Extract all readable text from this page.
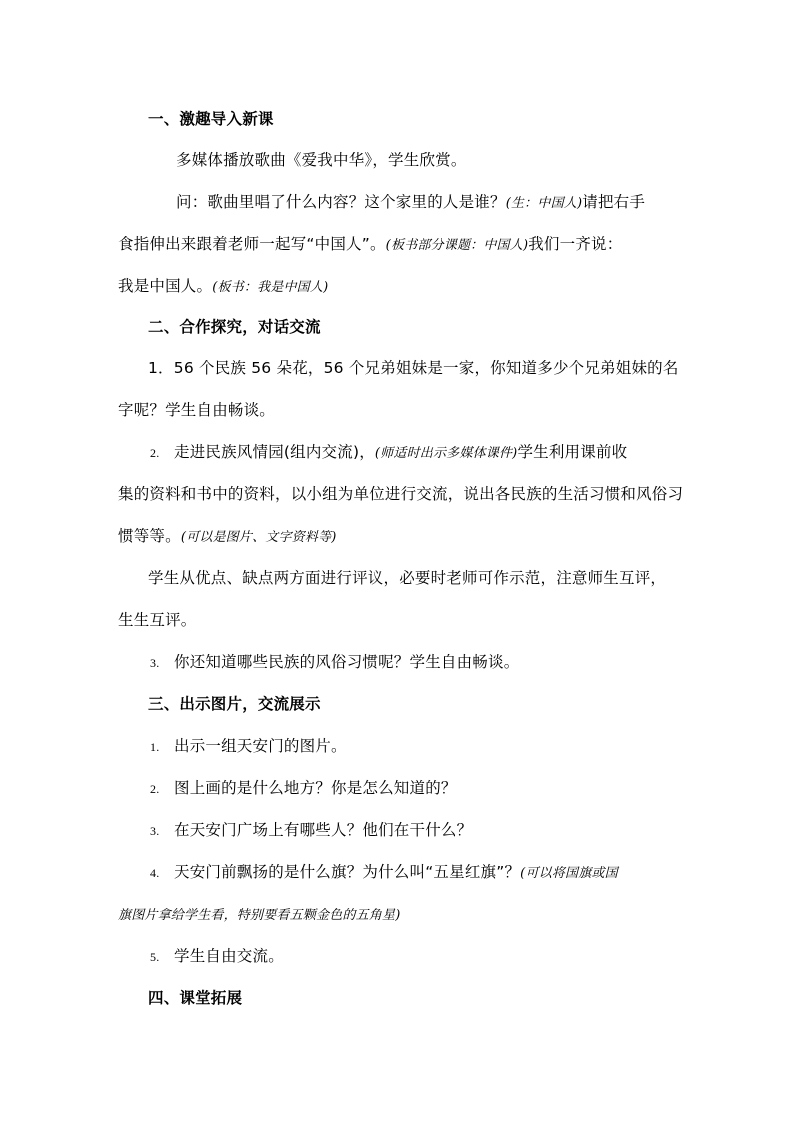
一、激趣导入新课
多媒体播放歌曲《爱我中华》，学生欣赏。
问：歌曲里唱了什么内容？这个家里的人是谁？(生：中国人)请把右手
食指伸出来跟着老师一起写“中国人”。(板书部分课题：中国人)我们一齐说：
我是中国人。(板书：我是中国人)
二、合作探究，对话交流
1．56 个民族 56 朵花，56 个兄弟姐妹是一家，你知道多少个兄弟姐妹的名
字呢？学生自由畅谈。
2. 走进民族风情园(组内交流)，(师适时出示多媒体课件)学生利用课前收
集的资料和书中的资料，以小组为单位进行交流，说出各民族的生活习惯和风俗习
惯等等。(可以是图片、文字资料等)
学生从优点、缺点两方面进行评议，必要时老师可作示范，注意师生互评，
生生互评。
3. 你还知道哪些民族的风俗习惯呢？学生自由畅谈。
三、出示图片，交流展示
1. 出示一组天安门的图片。
2. 图上画的是什么地方？你是怎么知道的？
3. 在天安门广场上有哪些人？他们在干什么？
4. 天安门前飘扬的是什么旗？为什么叫“五星红旗”？(可以将国旗或国
旗图片拿给学生看，特别要看五颗金色的五角星)
5. 学生自由交流。
四、课堂拓展
